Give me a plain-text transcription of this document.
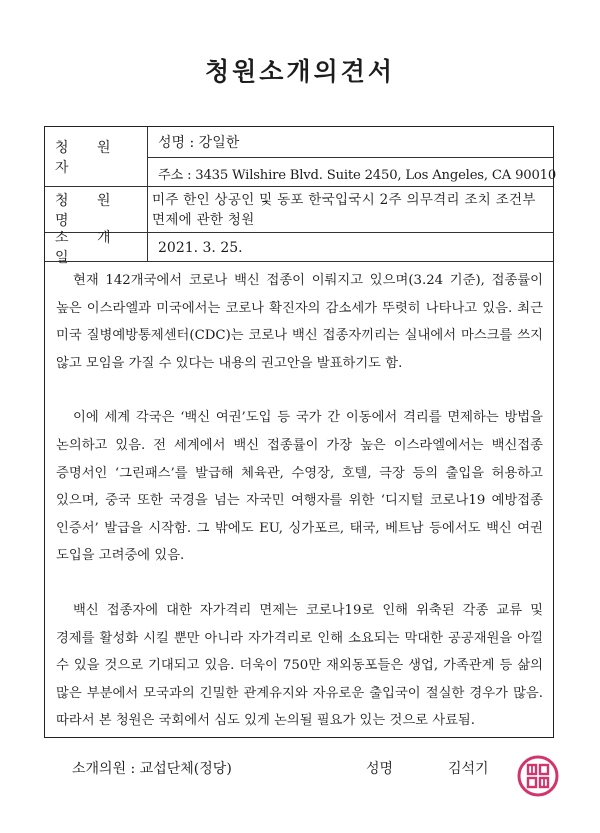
청원소개의견서
청 원 자
성명 : 강일한
주소 : 3435 Wilshire Blvd. Suite 2450, Los Angeles, CA 90010
청 원 명
미주 한인 상공인 및 동포 한국입국시 2주 의무격리 조치 조건부 면제에 관한 청원
소 개 일
2021. 3. 25.

현재 142개국에서 코로나 백신 접종이 이뤄지고 있으며(3.24 기준), 접종률이 높은 이스라엘과 미국에서는 코로나 확진자의 감소세가 뚜렷히 나타나고 있음. 최근 미국 질병예방통제센터(CDC)는 코로나 백신 접종자끼리는 실내에서 마스크를 쓰지 않고 모임을 가질 수 있다는 내용의 권고안을 발표하기도 함.

이에 세계 각국은 ‘백신 여권’도입 등 국가 간 이동에서 격리를 면제하는 방법을 논의하고 있음. 전 세계에서 백신 접종률이 가장 높은 이스라엘에서는 백신접종 증명서인 ‘그린패스’를 발급해 체육관, 수영장, 호텔, 극장 등의 출입을 허용하고 있으며, 중국 또한 국경을 넘는 자국민 여행자를 위한 ‘디지털 코로나19 예방접종 인증서’ 발급을 시작함. 그 밖에도 EU, 싱가포르, 태국, 베트남 등에서도 백신 여권 도입을 고려중에 있음.

백신 접종자에 대한 자가격리 면제는 코로나19로 인해 위축된 각종 교류 및 경제를 활성화 시킬 뿐만 아니라 자가격리로 인해 소요되는 막대한 공공재원을 아낄 수 있을 것으로 기대되고 있음. 더욱이 750만 재외동포들은 생업, 가족관계 등 삶의 많은 부분에서 모국과의 긴밀한 관계유지와 자유로운 출입국이 절실한 경우가 많음. 따라서 본 청원은 국회에서 심도 있게 논의될 필요가 있는 것으로 사료됨.

소개의원 : 교섭단체(정당)	성명	김석기
